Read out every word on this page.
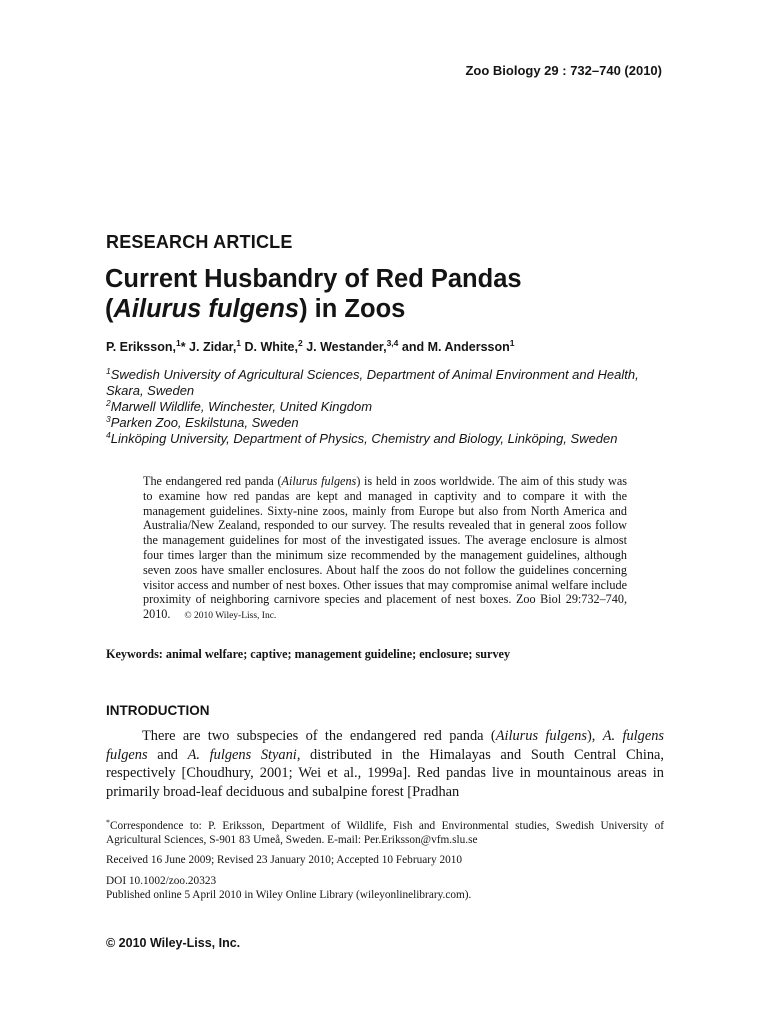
Zoo Biology 29 : 732–740 (2010)
RESEARCH ARTICLE
Current Husbandry of Red Pandas
(Ailurus fulgens) in Zoos
P. Eriksson,$^1$* J. Zidar,$^1$ D. White,$^2$ J. Westander,$^{3,4}$ and M. Andersson$^1$
$^1$Swedish University of Agricultural Sciences, Department of Animal Environment and Health, Skara, Sweden
$^2$Marwell Wildlife, Winchester, United Kingdom
$^3$Parken Zoo, Eskilstuna, Sweden
$^4$Linköping University, Department of Physics, Chemistry and Biology, Linköping, Sweden
The endangered red panda (Ailurus fulgens) is held in zoos worldwide. The aim of this study was to examine how red pandas are kept and managed in captivity and to compare it with the management guidelines. Sixty-nine zoos, mainly from Europe but also from North America and Australia/New Zealand, responded to our survey. The results revealed that in general zoos follow the management guidelines for most of the investigated issues. The average enclosure is almost four times larger than the minimum size recommended by the management guidelines, although seven zoos have smaller enclosures. About half the zoos do not follow the guidelines concerning visitor access and number of nest boxes. Other issues that may compromise animal welfare include proximity of neighboring carnivore species and placement of nest boxes. Zoo Biol 29:732–740, 2010. © 2010 Wiley-Liss, Inc.
Keywords: animal welfare; captive; management guideline; enclosure; survey
INTRODUCTION

There are two subspecies of the endangered red panda (Ailurus fulgens), A. fulgens fulgens and A. fulgens Styani, distributed in the Himalayas and South Central China, respectively [Choudhury, 2001; Wei et al., 1999a]. Red pandas live in mountainous areas in primarily broad-leaf deciduous and subalpine forest [Pradhan

*Correspondence to: P. Eriksson, Department of Wildlife, Fish and Environmental studies, Swedish University of Agricultural Sciences, S-901 83 Umeå, Sweden. E-mail: Per.Eriksson@vfm.slu.se

Received 16 June 2009; Revised 23 January 2010; Accepted 10 February 2010

DOI 10.1002/zoo.20323

Published online 5 April 2010 in Wiley Online Library (wileyonlinelibrary.com).

© 2010 Wiley-Liss, Inc.
